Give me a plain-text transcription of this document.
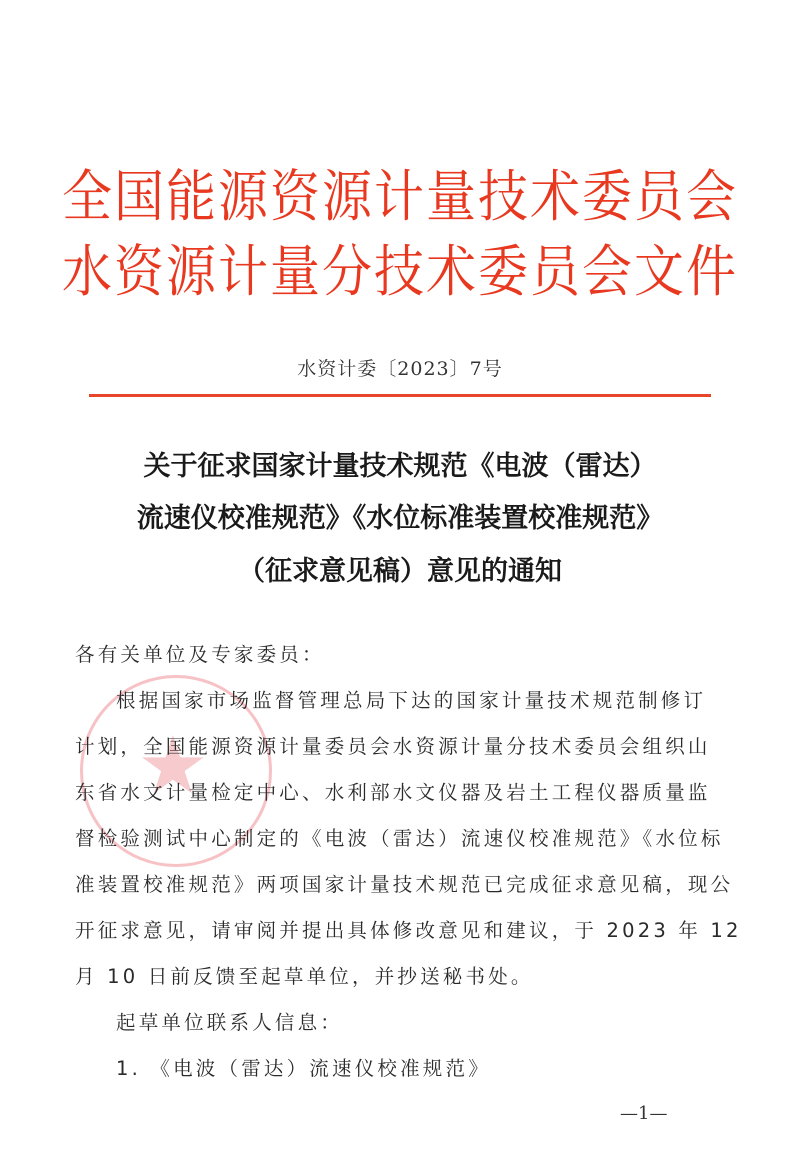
全国能源资源计量技术委员会
水资源计量分技术委员会文件
水资计委〔2023〕7号
关于征求国家计量技术规范《电波（雷达）
流速仪校准规范》《水位标准装置校准规范》
（征求意见稿）意见的通知
★
各有关单位及专家委员：
根据国家市场监督管理总局下达的国家计量技术规范制修订
计划，全国能源资源计量委员会水资源计量分技术委员会组织山
东省水文计量检定中心、水利部水文仪器及岩土工程仪器质量监
督检验测试中心制定的《电波（雷达）流速仪校准规范》《水位标
准装置校准规范》两项国家计量技术规范已完成征求意见稿，现公
开征求意见，请审阅并提出具体修改意见和建议，于 2023 年 12
月 10 日前反馈至起草单位，并抄送秘书处。
起草单位联系人信息：
1. 《电波（雷达）流速仪校准规范》
—1—
